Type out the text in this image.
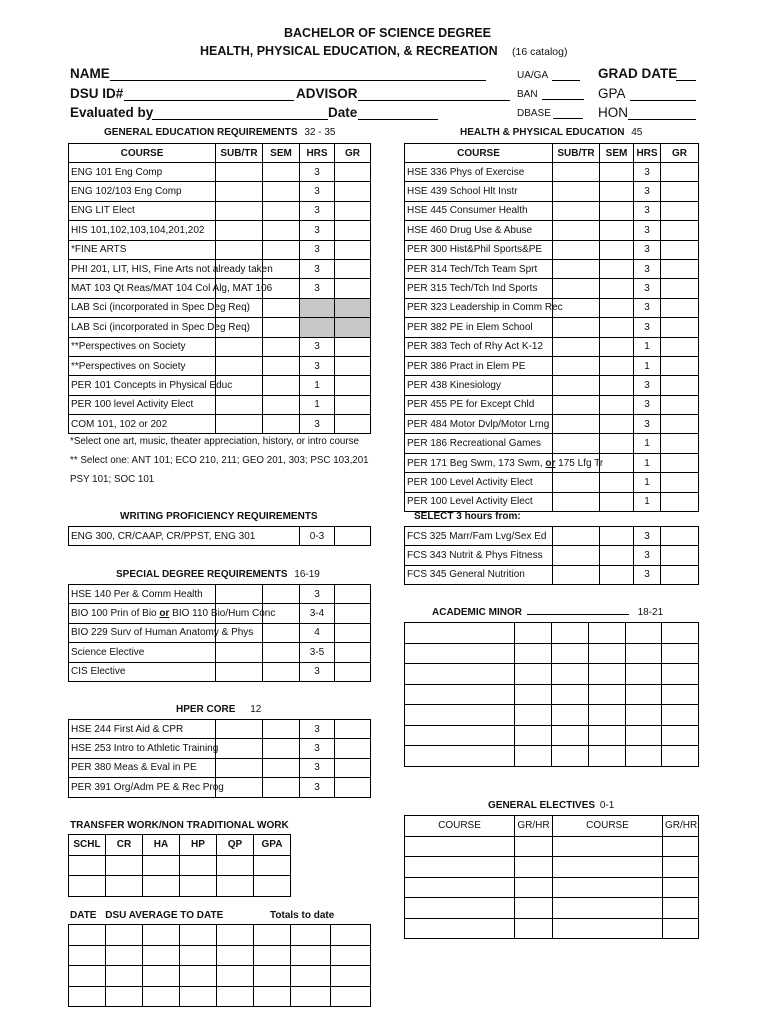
BACHELOR OF SCIENCE DEGREE
HEALTH, PHYSICAL EDUCATION, & RECREATION (16 catalog)
NAME
DSU ID#	ADVISOR
Evaluated by	Date
UA/GA
BAN
DBASE
GRAD DATE
GPA
HON
GENERAL EDUCATION REQUIREMENTS 32 - 35
COURSE	SUB/TR	SEM	HRS	GR
ENG 101 Eng Comp			3	
ENG 102/103 Eng Comp			3	
ENG LIT Elect			3	
HIS 101,102,103,104,201,202			3	
*FINE ARTS			3	
PHI 201, LIT, HIS, Fine Arts not already taken			3	
MAT 103 Qt Reas/MAT 104 Col Alg, MAT 106			3	
LAB Sci (incorporated in Spec Deg Req)				
LAB Sci (incorporated in Spec Deg Req)				
**Perspectives on Society			3	
**Perspectives on Society			3	
PER 101 Concepts in Physical Educ			1	
PER 100 level Activity Elect			1	
COM 101, 102 or 202			3	
*Select one art, music, theater appreciation, history, or intro course
** Select one: ANT 101; ECO 210, 211; GEO 201, 303; PSC 103,201
PSY 101; SOC 101
HEALTH & PHYSICAL EDUCATION 45
COURSE	SUB/TR	SEM	HRS	GR
HSE 336 Phys of Exercise			3	
HSE 439 School Hlt Instr			3	
HSE 445 Consumer Health			3	
HSE 460 Drug Use & Abuse			3	
PER 300 Hist&Phil Sports&PE			3	
PER 314 Tech/Tch Team Sprt			3	
PER 315 Tech/Tch Ind Sports			3	
PER 323 Leadership in Comm Rec			3	
PER 382 PE in Elem School			3	
PER 383 Tech of Rhy Act K-12			1	
PER 386 Pract in Elem PE			1	
PER 438 Kinesiology			3	
PER 455 PE for Except Chld			3	
PER 484 Motor Dvlp/Motor Lrng			3	
PER 186 Recreational Games			1	
PER 171 Beg Swm, 173 Swm, or 175 Lfg Tr			1	
PER 100 Level Activity Elect			1	
PER 100 Level Activity Elect			1	
WRITING PROFICIENCY REQUIREMENTS
ENG 300, CR/CAAP, CR/PPST, ENG 301	0-3	
SELECT 3 hours from:
FCS 325 Marr/Fam Lvg/Sex Ed			3	
FCS 343 Nutrit & Phys Fitness			3	
FCS 345 General Nutrition			3	
SPECIAL DEGREE REQUIREMENTS 16-19
HSE 140 Per & Comm Health			3	
BIO 100 Prin of Bio or BIO 110 Bio/Hum Conc			3-4	
BIO 229 Surv of Human Anatomy & Phys			4	
Science Elective			3-5	
CIS Elective			3	
ACADEMIC MINOR	18-21

HPER CORE 12
HSE 244 First Aid & CPR			3	
HSE 253 Intro to Athletic Training			3	
PER 380 Meas & Eval in PE			3	
PER 391 Org/Adm PE & Rec Prog			3	
GENERAL ELECTIVES 0-1
COURSE	GR/HR	COURSE	GR/HR

TRANSFER WORK/NON TRADITIONAL WORK
SCHL	CR	HA	HP	QP	GPA

DATE DSU AVERAGE TO DATE	Totals to date
